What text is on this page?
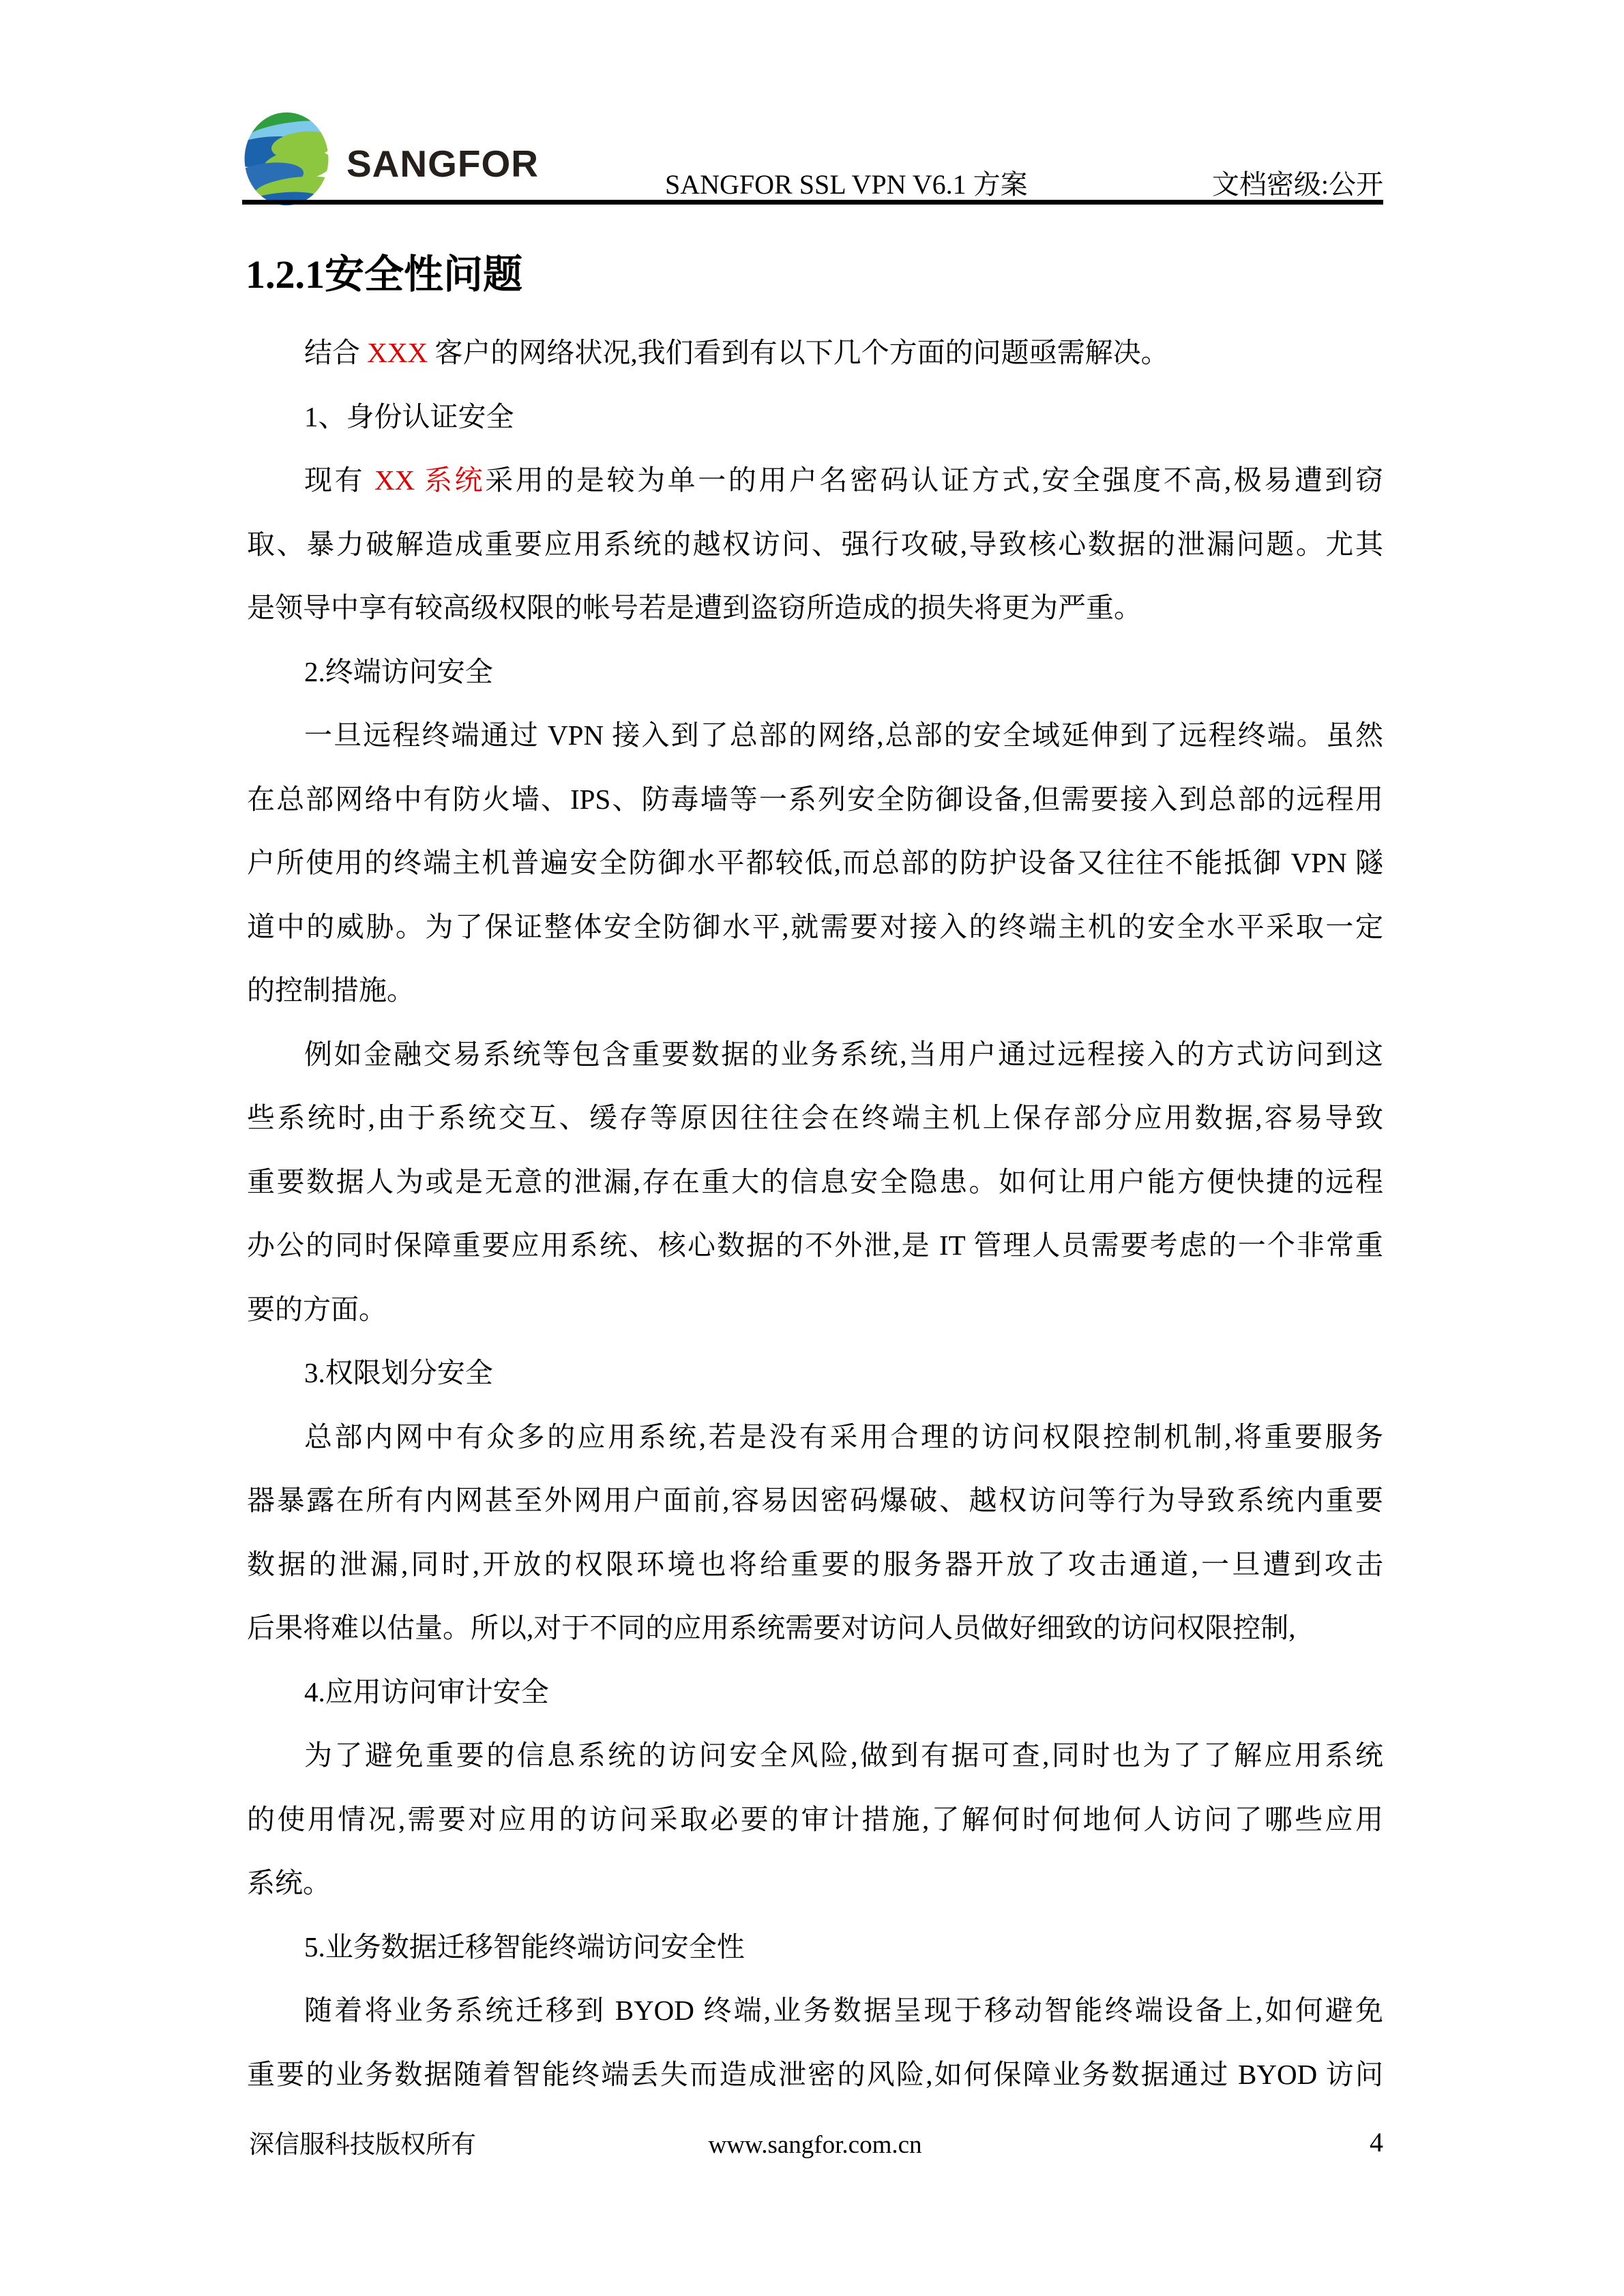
SANGFOR	SANGFOR SSL VPN V6.1 方案	文档密级:公开
1.2.1安全性问题
结合 XXX 客户的网络状况,我们看到有以下几个方面的问题亟需解决。
1、身份认证安全
现有 XX 系统采用的是较为单一的用户名密码认证方式,安全强度不高,极易遭到窃
取、暴力破解造成重要应用系统的越权访问、强行攻破,导致核心数据的泄漏问题。尤其
是领导中享有较高级权限的帐号若是遭到盗窃所造成的损失将更为严重。
2.终端访问安全
一旦远程终端通过 VPN 接入到了总部的网络,总部的安全域延伸到了远程终端。虽然
在总部网络中有防火墙、IPS、防毒墙等一系列安全防御设备,但需要接入到总部的远程用
户所使用的终端主机普遍安全防御水平都较低,而总部的防护设备又往往不能抵御 VPN 隧
道中的威胁。为了保证整体安全防御水平,就需要对接入的终端主机的安全水平采取一定
的控制措施。
例如金融交易系统等包含重要数据的业务系统,当用户通过远程接入的方式访问到这
些系统时,由于系统交互、缓存等原因往往会在终端主机上保存部分应用数据,容易导致
重要数据人为或是无意的泄漏,存在重大的信息安全隐患。如何让用户能方便快捷的远程
办公的同时保障重要应用系统、核心数据的不外泄,是 IT 管理人员需要考虑的一个非常重
要的方面。
3.权限划分安全
总部内网中有众多的应用系统,若是没有采用合理的访问权限控制机制,将重要服务
器暴露在所有内网甚至外网用户面前,容易因密码爆破、越权访问等行为导致系统内重要
数据的泄漏,同时,开放的权限环境也将给重要的服务器开放了攻击通道,一旦遭到攻击
后果将难以估量。所以,对于不同的应用系统需要对访问人员做好细致的访问权限控制,
4.应用访问审计安全
为了避免重要的信息系统的访问安全风险,做到有据可查,同时也为了了解应用系统
的使用情况,需要对应用的访问采取必要的审计措施,了解何时何地何人访问了哪些应用
系统。
5.业务数据迁移智能终端访问安全性
随着将业务系统迁移到 BYOD 终端,业务数据呈现于移动智能终端设备上,如何避免
重要的业务数据随着智能终端丢失而造成泄密的风险,如何保障业务数据通过 BYOD 访问
深信服科技版权所有	www.sangfor.com.cn	4
